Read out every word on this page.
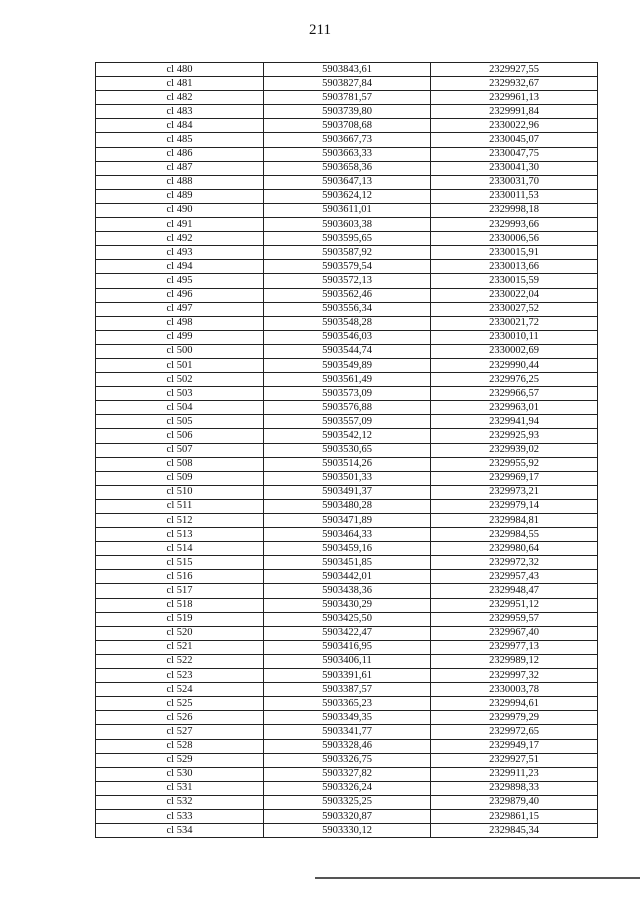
211
cl 480	5903843,61	2329927,55
cl 481	5903827,84	2329932,67
cl 482	5903781,57	2329961,13
cl 483	5903739,80	2329991,84
cl 484	5903708,68	2330022,96
cl 485	5903667,73	2330045,07
cl 486	5903663,33	2330047,75
cl 487	5903658,36	2330041,30
cl 488	5903647,13	2330031,70
cl 489	5903624,12	2330011,53
cl 490	5903611,01	2329998,18
cl 491	5903603,38	2329993,66
cl 492	5903595,65	2330006,56
cl 493	5903587,92	2330015,91
cl 494	5903579,54	2330013,66
cl 495	5903572,13	2330015,59
cl 496	5903562,46	2330022,04
cl 497	5903556,34	2330027,52
cl 498	5903548,28	2330021,72
cl 499	5903546,03	2330010,11
cl 500	5903544,74	2330002,69
cl 501	5903549,89	2329990,44
cl 502	5903561,49	2329976,25
cl 503	5903573,09	2329966,57
cl 504	5903576,88	2329963,01
cl 505	5903557,09	2329941,94
cl 506	5903542,12	2329925,93
cl 507	5903530,65	2329939,02
cl 508	5903514,26	2329955,92
cl 509	5903501,33	2329969,17
cl 510	5903491,37	2329973,21
cl 511	5903480,28	2329979,14
cl 512	5903471,89	2329984,81
cl 513	5903464,33	2329984,55
cl 514	5903459,16	2329980,64
cl 515	5903451,85	2329972,32
cl 516	5903442,01	2329957,43
cl 517	5903438,36	2329948,47
cl 518	5903430,29	2329951,12
cl 519	5903425,50	2329959,57
cl 520	5903422,47	2329967,40
cl 521	5903416,95	2329977,13
cl 522	5903406,11	2329989,12
cl 523	5903391,61	2329997,32
cl 524	5903387,57	2330003,78
cl 525	5903365,23	2329994,61
cl 526	5903349,35	2329979,29
cl 527	5903341,77	2329972,65
cl 528	5903328,46	2329949,17
cl 529	5903326,75	2329927,51
cl 530	5903327,82	2329911,23
cl 531	5903326,24	2329898,33
cl 532	5903325,25	2329879,40
cl 533	5903320,87	2329861,15
cl 534	5903330,12	2329845,34
